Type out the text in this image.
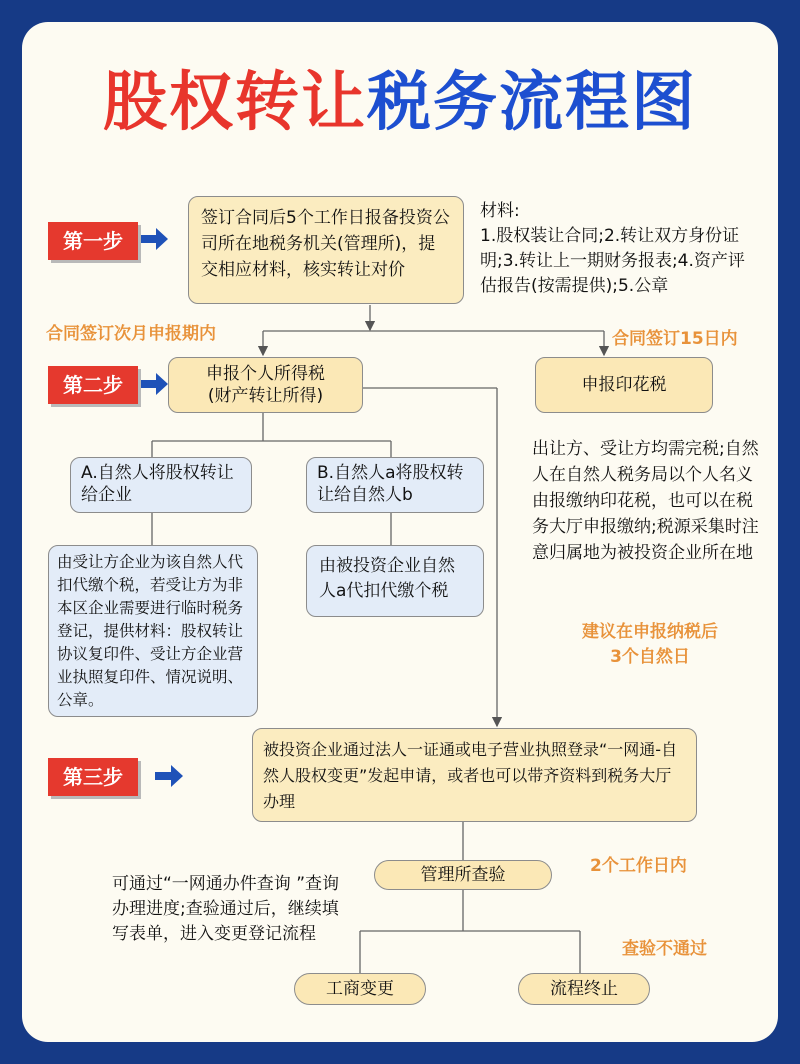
股权转让税务流程图
第一步
签订合同后5个工作日报备投资公司所在地税务机关(管理所)，提交相应材料，核实转让对价
材料:
1.股权装让合同;2.转让双方身份证明;3.转让上一期财务报表;4.资产评估报告(按需提供);5.公章
合同签订次月申报期内	合同签订15日内
第二步	申报个人所得税
(财产转让所得)
申报印花税
A.自然人将股权转让给企业
B.自然人a将股权转让给自然人b
由受让方企业为该自然人代扣代缴个税，若受让方为非本区企业需要进行临时税务登记，提供材料：股权转让协议复印件、受让方企业营业执照复印件、情况说明、公章。
由被投资企业自然人a代扣代缴个税
出让方、受让方均需完税;自然人在自然人税务局以个人名义由报缴纳印花税，也可以在税务大厅申报缴纳;税源采集时注意归属地为被投资企业所在地
建议在申报纳税后
3个自然日
第三步
被投资企业通过法人一证通或电子营业执照登录“一网通-自然人股权变更”发起申请，或者也可以带齐资料到税务大厅办理
管理所查验	2个工作日内
可通过“一网通办件查询 ”查询办理进度;查验通过后，继续填写表单，进入变更登记流程
查验不通过
工商变更	流程终止
